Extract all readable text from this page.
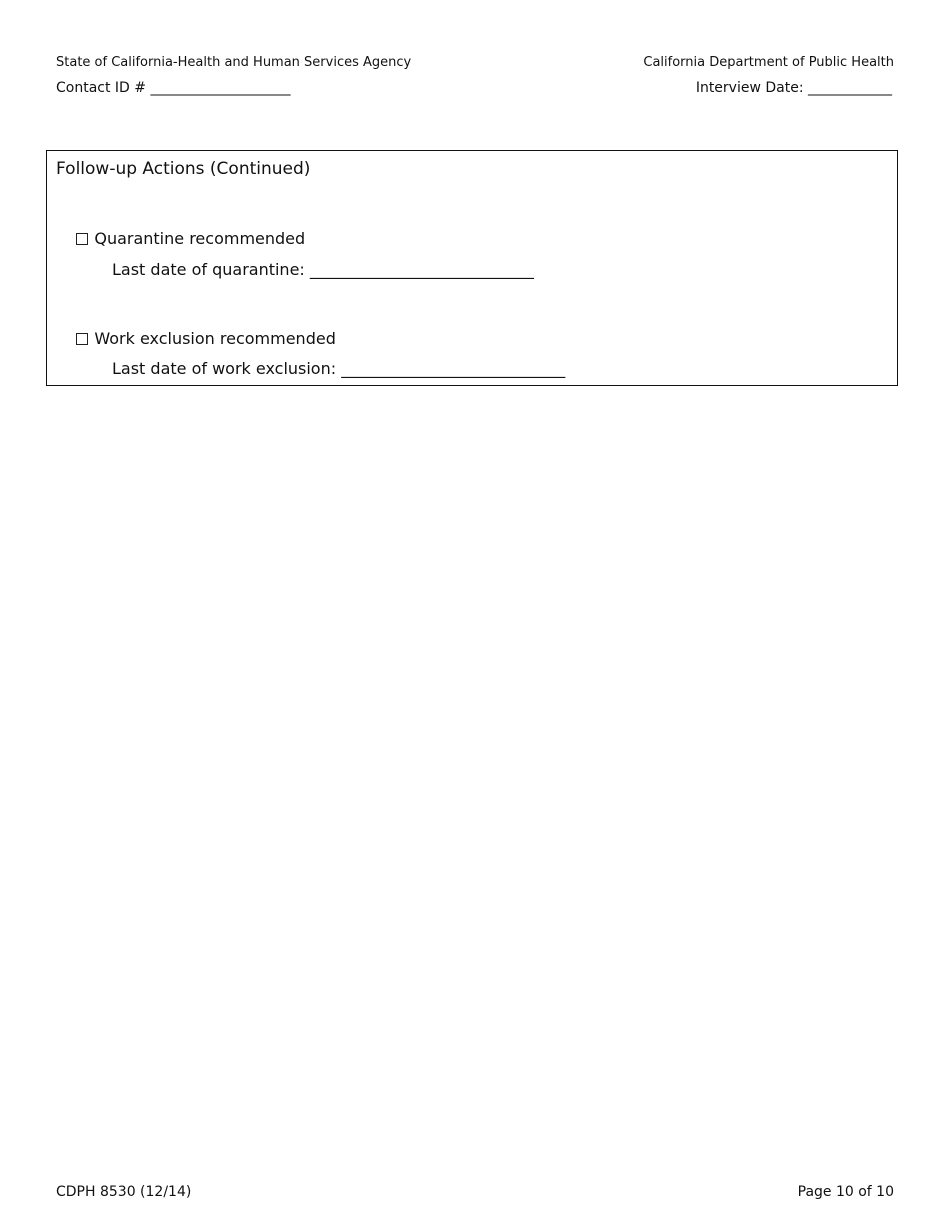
State of California-Health and Human Services Agency	California Department of Public Health
Contact ID # ____________________	Interview Date: ____________
Follow-up Actions (Continued)

Quarantine recommended

Last date of quarantine: ____________________________

Work exclusion recommended

Last date of work exclusion: ____________________________
CDPH 8530 (12/14)	Page 10 of 10
